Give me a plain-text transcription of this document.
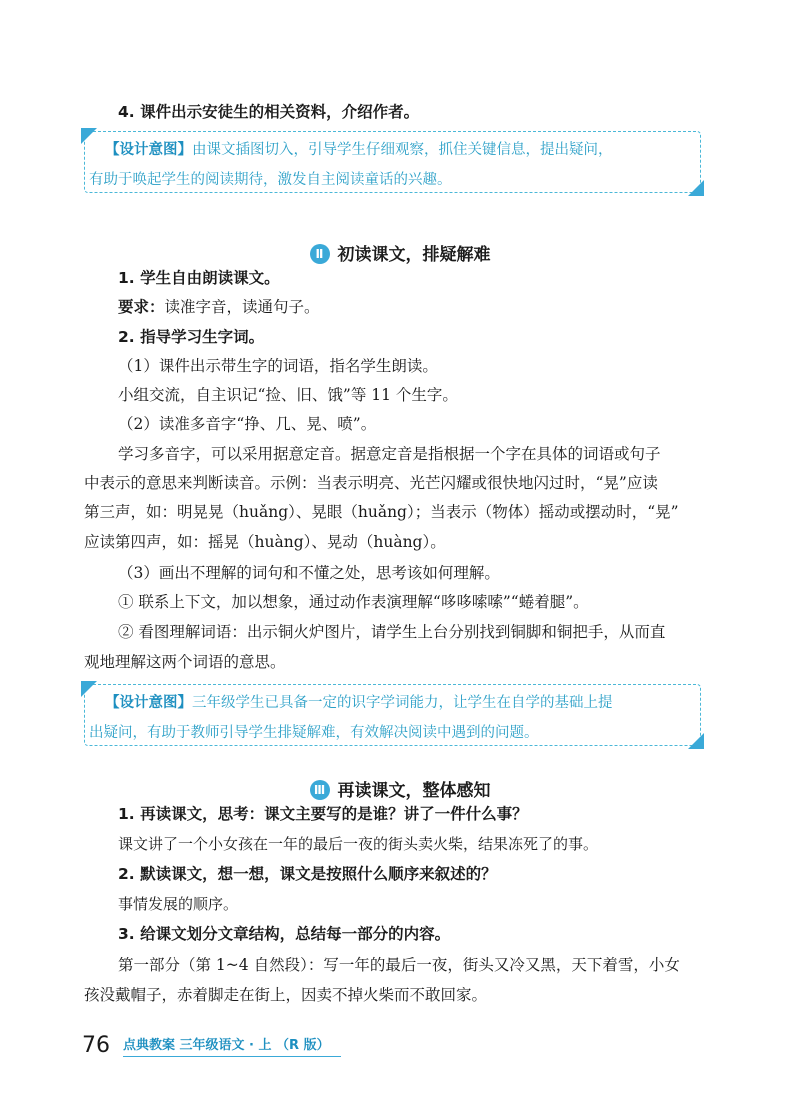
4. 课件出示安徒生的相关资料，介绍作者。
【设计意图】由课文插图切入，引导学生仔细观察，抓住关键信息，提出疑问，
有助于唤起学生的阅读期待，激发自主阅读童话的兴趣。
Ⅱ 初读课文，排疑解难
1. 学生自由朗读课文。
要求：读准字音，读通句子。
2. 指导学习生字词。
（1）课件出示带生字的词语，指名学生朗读。
小组交流，自主识记“捡、旧、饿”等 11 个生字。
（2）读准多音字“挣、几、晃、喷”。
学习多音字，可以采用据意定音。据意定音是指根据一个字在具体的词语或句子
中表示的意思来判断读音。示例：当表示明亮、光芒闪耀或很快地闪过时，“晃”应读
第三声，如：明晃晃（huǎng）、晃眼（huǎng）；当表示（物体）摇动或摆动时，“晃”
应读第四声，如：摇晃（huàng）、晃动（huàng）。
（3）画出不理解的词句和不懂之处，思考该如何理解。
① 联系上下文，加以想象，通过动作表演理解“哆哆嗦嗦”“蜷着腿”。
② 看图理解词语：出示铜火炉图片，请学生上台分别找到铜脚和铜把手，从而直
观地理解这两个词语的意思。
【设计意图】三年级学生已具备一定的识字学词能力，让学生在自学的基础上提
出疑问，有助于教师引导学生排疑解难，有效解决阅读中遇到的问题。
Ⅲ 再读课文，整体感知
1. 再读课文，思考：课文主要写的是谁？讲了一件什么事？
课文讲了一个小女孩在一年的最后一夜的街头卖火柴，结果冻死了的事。
2. 默读课文，想一想，课文是按照什么顺序来叙述的？
事情发展的顺序。
3. 给课文划分文章结构，总结每一部分的内容。
第一部分（第 1~4 自然段）：写一年的最后一夜，街头又冷又黑，天下着雪，小女
孩没戴帽子，赤着脚走在街上，因卖不掉火柴而不敢回家。
76 点典教案 三年级语文 · 上 （R 版）
